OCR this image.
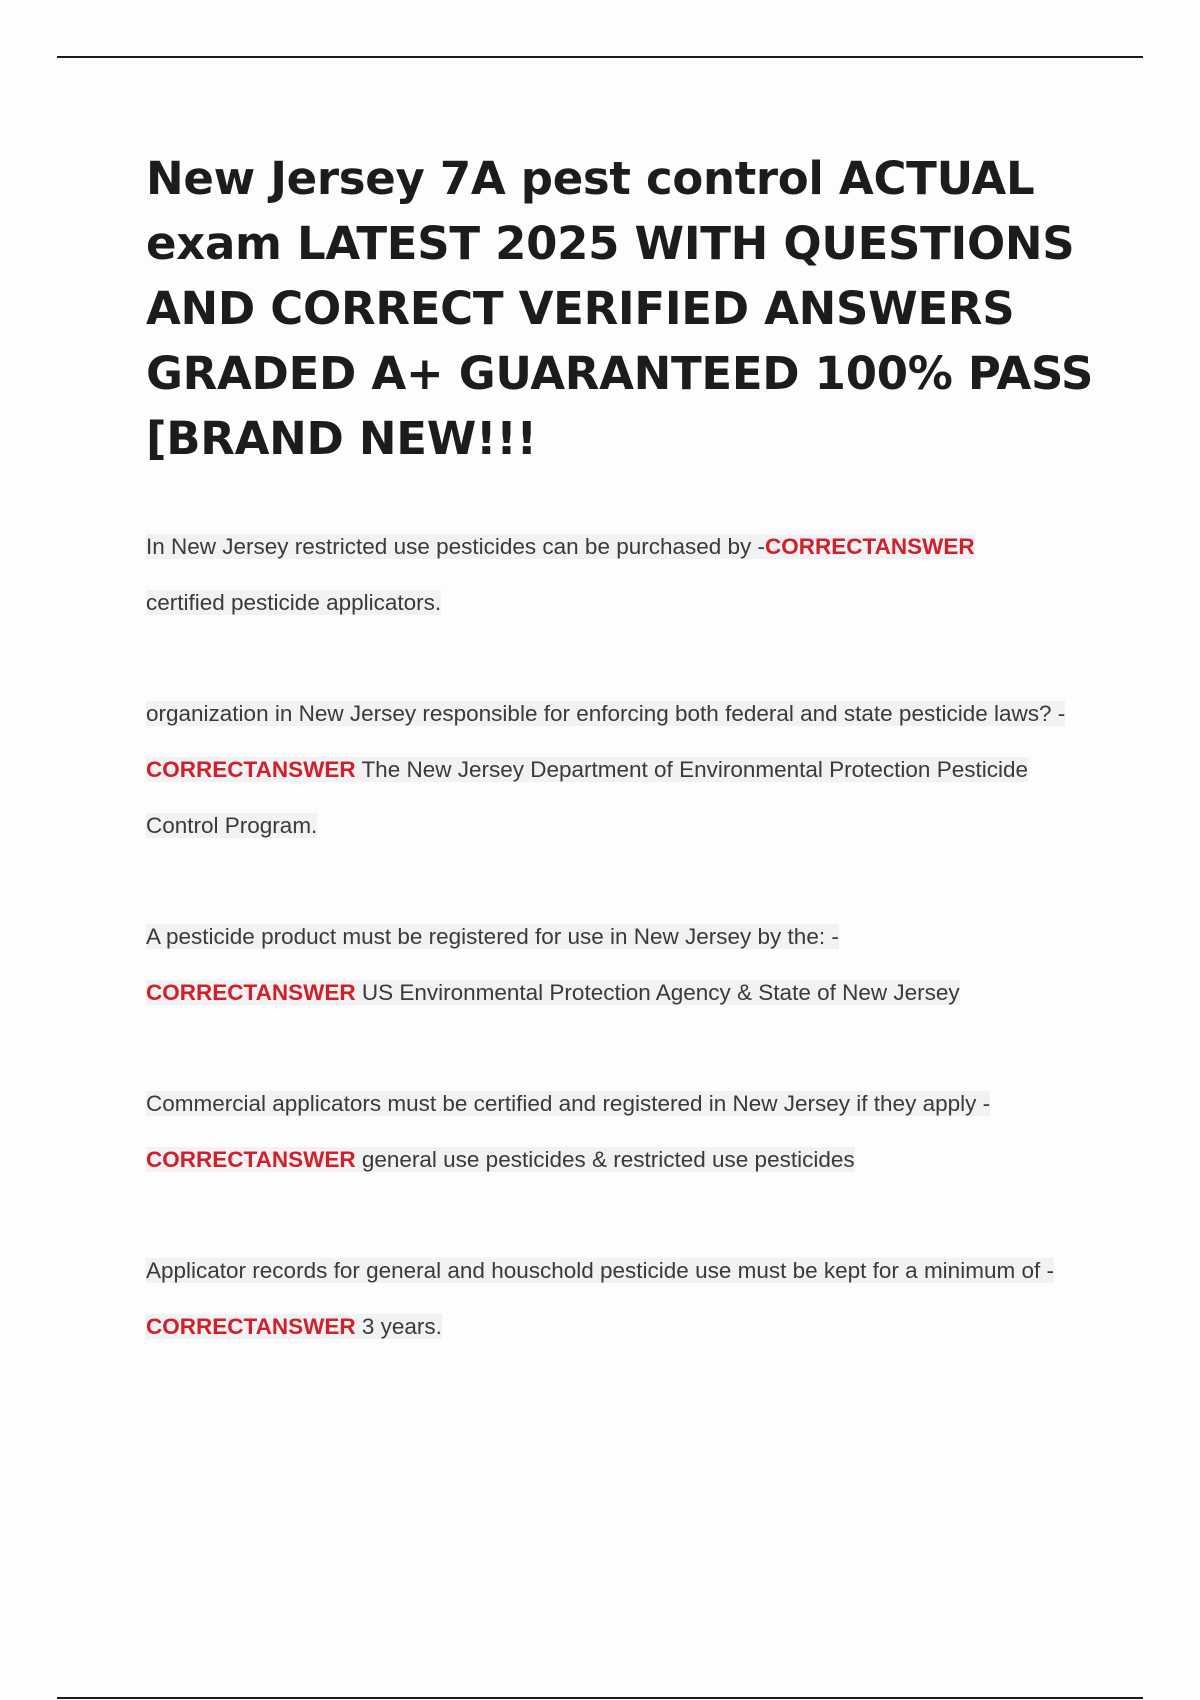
New Jersey 7A pest control ACTUAL exam LATEST 2025 WITH QUESTIONS AND CORRECT VERIFIED ANSWERS GRADED A+ GUARANTEED 100% PASS [BRAND NEW!!!

In New Jersey restricted use pesticides can be purchased by -CORRECTANSWER
certified pesticide applicators.

organization in New Jersey responsible for enforcing both federal and state pesticide laws? -CORRECTANSWER The New Jersey Department of Environmental Protection Pesticide Control Program.

A pesticide product must be registered for use in New Jersey by the: -
CORRECTANSWER US Environmental Protection Agency & State of New Jersey

Commercial applicators must be certified and registered in New Jersey if they apply -
CORRECTANSWER general use pesticides & restricted use pesticides

Applicator records for general and houschold pesticide use must be kept for a minimum of -CORRECTANSWER 3 years.
